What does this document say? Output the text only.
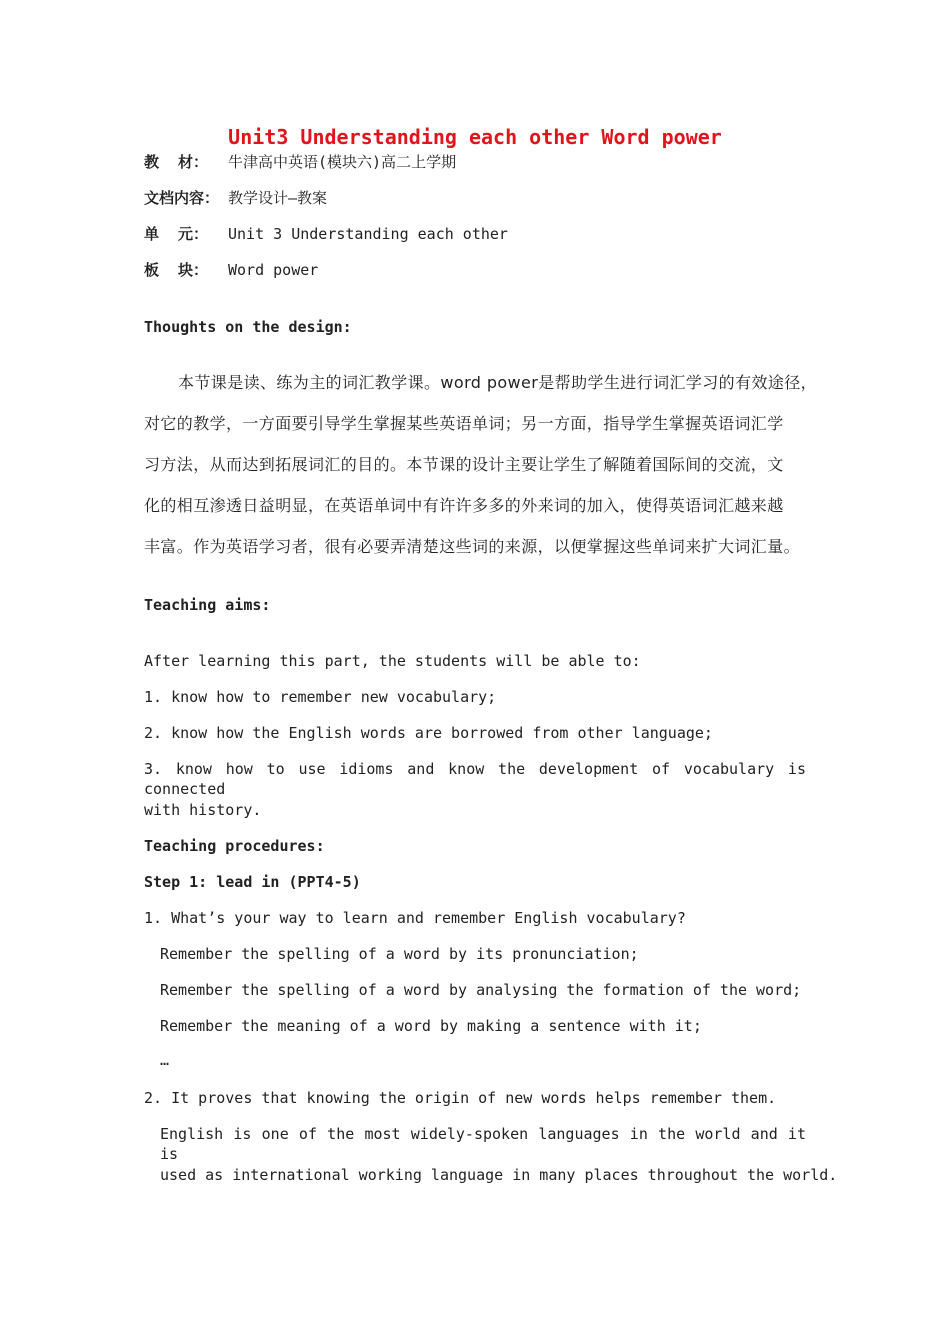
Unit3 Understanding each other Word power
教 材： 牛津高中英语(模块六)高二上学期
文档内容： 教学设计—教案
单 元： Unit 3 Understanding each other
板 块： Word power
Thoughts on the design:
本节课是读、练为主的词汇教学课。word power是帮助学生进行词汇学习的有效途径，
对它的教学，一方面要引导学生掌握某些英语单词；另一方面，指导学生掌握英语词汇学
习方法，从而达到拓展词汇的目的。本节课的设计主要让学生了解随着国际间的交流，文
化的相互渗透日益明显，在英语单词中有许许多多的外来词的加入，使得英语词汇越来越
丰富。作为英语学习者，很有必要弄清楚这些词的来源，以便掌握这些单词来扩大词汇量。
Teaching aims:
After learning this part, the students will be able to:
1. know how to remember new vocabulary;
2. know how the English words are borrowed from other language;
3. know how to use idioms and know the development of vocabulary is connected
with history.
Teaching procedures:
Step 1: lead in (PPT4-5)
1. What’s your way to learn and remember English vocabulary?
Remember the spelling of a word by its pronunciation;
Remember the spelling of a word by analysing the formation of the word;
Remember the meaning of a word by making a sentence with it;
…
2. It proves that knowing the origin of new words helps remember them.
English is one of the most widely-spoken languages in the world and it is
used as international working language in many places throughout the world.
